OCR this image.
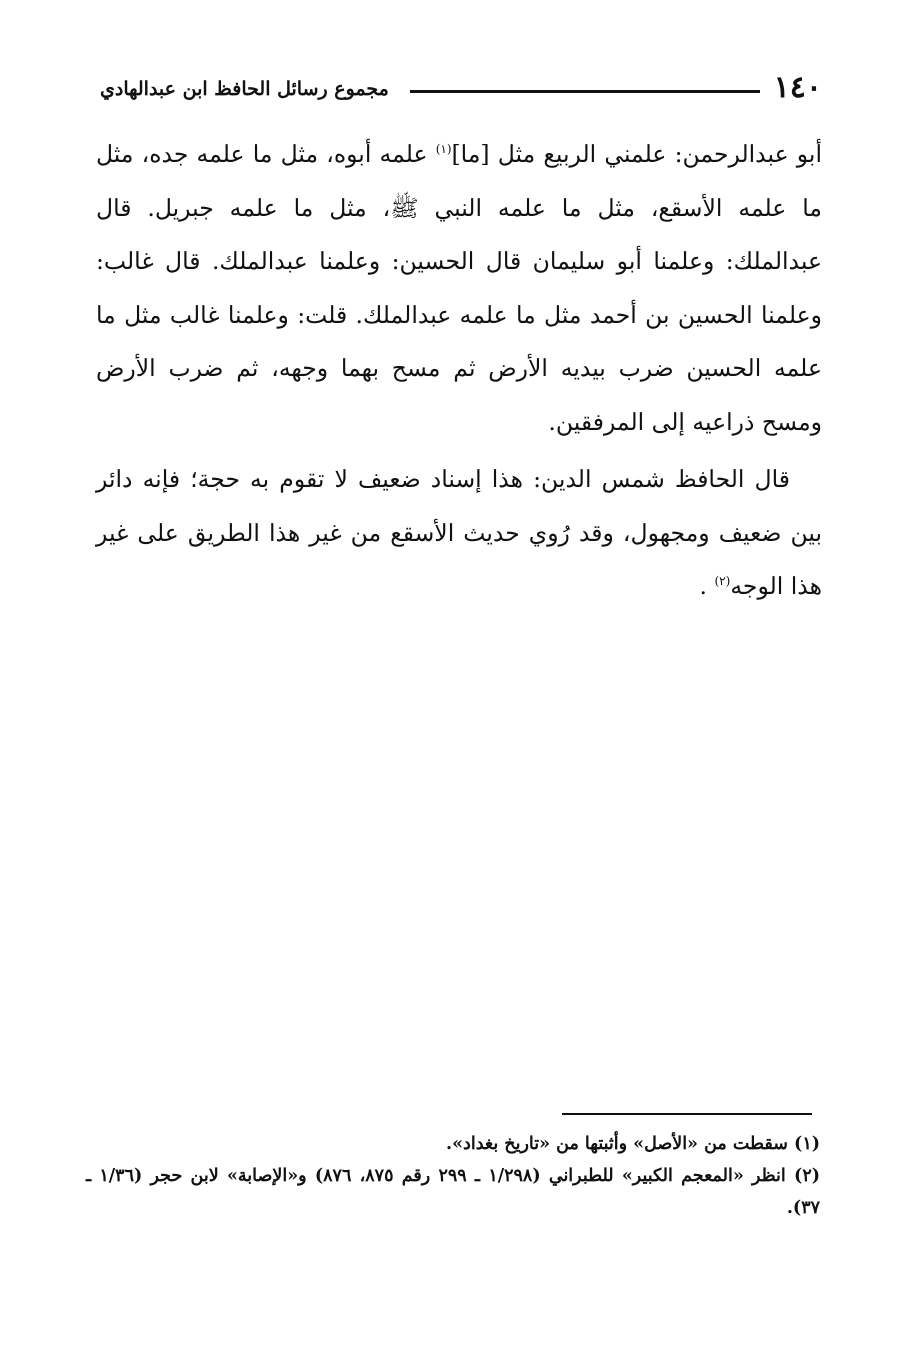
١٤٠
مجموع رسائل الحافظ ابن عبدالهادي

أبو عبدالرحمن: علمني الربيع مثل [ما]$^{(١)}$ علمه أبوه، مثل ما علمه جده، مثل ما علمه الأسقع، مثل ما علمه النبي ﷺ، مثل ما علمه جبريل. قال عبدالملك: وعلمنا أبو سليمان قال الحسين: وعلمنا عبدالملك. قال غالب: وعلمنا الحسين بن أحمد مثل ما علمه عبدالملك. قلت: وعلمنا غالب مثل ما علمه الحسين ضرب بيديه الأرض ثم مسح بهما وجهه، ثم ضرب الأرض ومسح ذراعيه إلى المرفقين.

قال الحافظ شمس الدين: هذا إسناد ضعيف لا تقوم به حجة؛ فإنه دائر بين ضعيف ومجهول، وقد رُوي حديث الأسقع من غير هذا الطريق على غير هذا الوجه$^{(٢)}$ .

(١) سقطت من «الأصل» وأثبتها من «تاريخ بغداد».

(٢) انظر «المعجم الكبير» للطبراني (١/٢٩٨ ـ ٢٩٩ رقم ٨٧٥، ٨٧٦) و«الإصابة» لابن حجر (١/٣٦ ـ ٣٧).
